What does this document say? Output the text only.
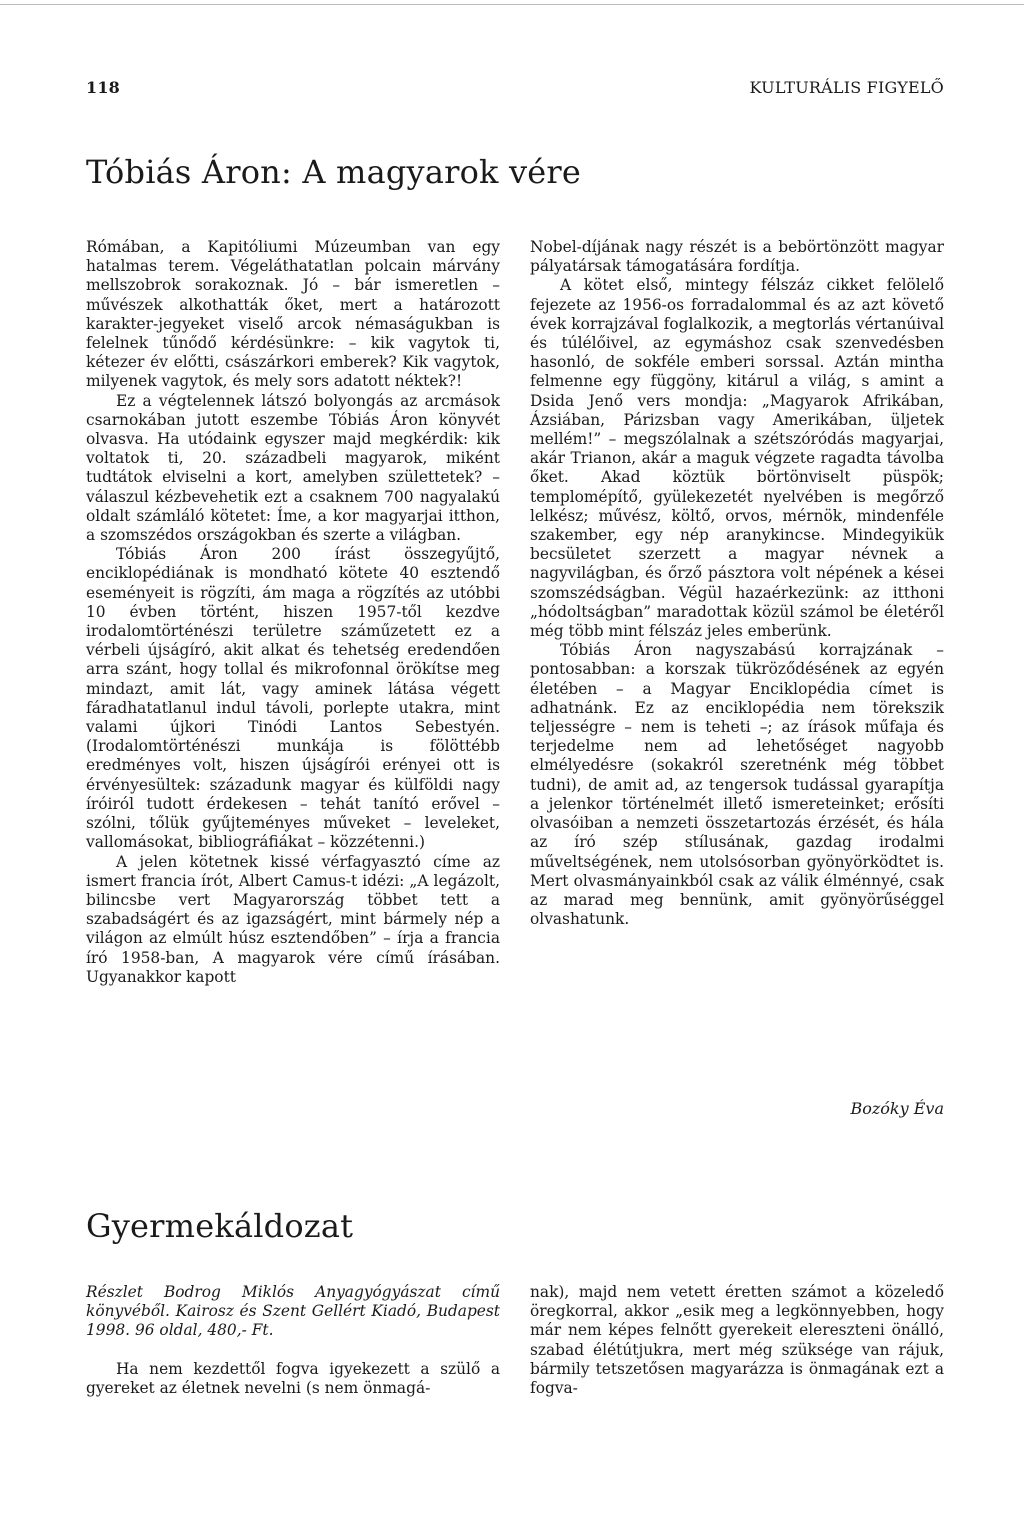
118	KULTURÁLIS FIGYELŐ
Tóbiás Áron: A magyarok vére

Rómában, a Kapitóliumi Múzeumban van egy hatalmas terem. Végeláthatatlan polcain márvány mellszobrok sorakoznak. Jó – bár ismeretlen – művészek alkothatták őket, mert a határozott karakter-jegyeket viselő arcok némaságukban is felelnek tűnődő kérdésünkre: – kik vagytok ti, kétezer év előtti, császárkori emberek? Kik vagytok, milyenek vagytok, és mely sors adatott néktek?!

Ez a végtelennek látszó bolyongás az arcmások csarnokában jutott eszembe Tóbiás Áron könyvét olvasva. Ha utódaink egyszer majd megkérdik: kik voltatok ti, 20. századbeli magyarok, miként tudtátok elviselni a kort, amelyben születtetek? – válaszul kézbevehetik ezt a csaknem 700 nagyalakú oldalt számláló kötetet: Íme, a kor magyarjai itthon, a szomszédos országokban és szerte a világban.

Tóbiás Áron 200 írást összegyűjtő, enciklopédiának is mondható kötete 40 esztendő eseményeit is rögzíti, ám maga a rögzítés az utóbbi 10 évben történt, hiszen 1957-től kezdve irodalomtörténészi területre száműzetett ez a vérbeli újságíró, akit alkat és tehetség eredendően arra szánt, hogy tollal és mikrofonnal örökítse meg mindazt, amit lát, vagy aminek látása végett fáradhatatlanul indul távoli, porlepte utakra, mint valami újkori Tinódi Lantos Sebestyén. (Irodalomtörténészi munkája is fölöttébb eredményes volt, hiszen újságírói erényei ott is érvényesültek: századunk magyar és külföldi nagy íróiról tudott érdekesen – tehát tanító erővel – szólni, tőlük gyűjteményes műveket – leveleket, vallomásokat, bibliográfiákat – közzétenni.)

A jelen kötetnek kissé vérfagyasztó címe az ismert francia írót, Albert Camus-t idézi: „A legázolt, bilincsbe vert Magyarország többet tett a szabadságért és az igazságért, mint bármely nép a világon az elmúlt húsz esztendőben” – írja a francia író 1958-ban, A magyarok vére című írásában. Ugyanakkor kapott

Nobel-díjának nagy részét is a bebörtönzött magyar pályatársak támogatására fordítja.

A kötet első, mintegy félszáz cikket felölelő fejezete az 1956-os forradalommal és az azt követő évek korrajzával foglalkozik, a megtorlás vértanúival és túlélőivel, az egymáshoz csak szenvedésben hasonló, de sokféle emberi sorssal. Aztán mintha felmenne egy függöny, kitárul a világ, s amint a Dsida Jenő vers mondja: „Magyarok Afrikában, Ázsiában, Párizsban vagy Amerikában, üljetek mellém!” – megszólalnak a szétszóródás magyarjai, akár Trianon, akár a maguk végzete ragadta távolba őket. Akad köztük börtönviselt püspök; templomépítő, gyülekezetét nyelvében is megőrző lelkész; művész, költő, orvos, mérnök, mindenféle szakember, egy nép aranykincse. Mindegyikük becsületet szerzett a magyar névnek a nagyvilágban, és őrző pásztora volt népének a kései szomszédságban. Végül hazaérkezünk: az itthoni „hódoltságban” maradottak közül számol be életéről még több mint félszáz jeles emberünk.

Tóbiás Áron nagyszabású korrajzának – pontosabban: a korszak tükröződésének az egyén életében – a Magyar Enciklopédia címet is adhatnánk. Ez az enciklopédia nem törekszik teljességre – nem is teheti –; az írások műfaja és terjedelme nem ad lehetőséget nagyobb elmélyedésre (sokakról szeretnénk még többet tudni), de amit ad, az tengersok tudással gyarapítja a jelenkor történelmét illető ismereteinket; erősíti olvasóiban a nemzeti összetartozás érzését, és hála az író szép stílusának, gazdag irodalmi műveltségének, nem utolsósorban gyönyörködtet is. Mert olvasmányainkból csak az válik élménnyé, csak az marad meg bennünk, amit gyönyörűséggel olvashatunk.

Bozóky Éva
Gyermekáldozat

Részlet Bodrog Miklós Anyagyógyászat című könyvéből. Kairosz és Szent Gellért Kiadó, Budapest 1998. 96 oldal, 480,- Ft.

Ha nem kezdettől fogva igyekezett a szülő a gyereket az életnek nevelni (s nem önmagá-

nak), majd nem vetett éretten számot a közeledő öregkorral, akkor „esik meg a legkönnyebben, hogy már nem képes felnőtt gyerekeit elereszteni önálló, szabad élétútjukra, mert még szüksége van rájuk, bármily tetszetősen magyarázza is önmagának ezt a fogva-
